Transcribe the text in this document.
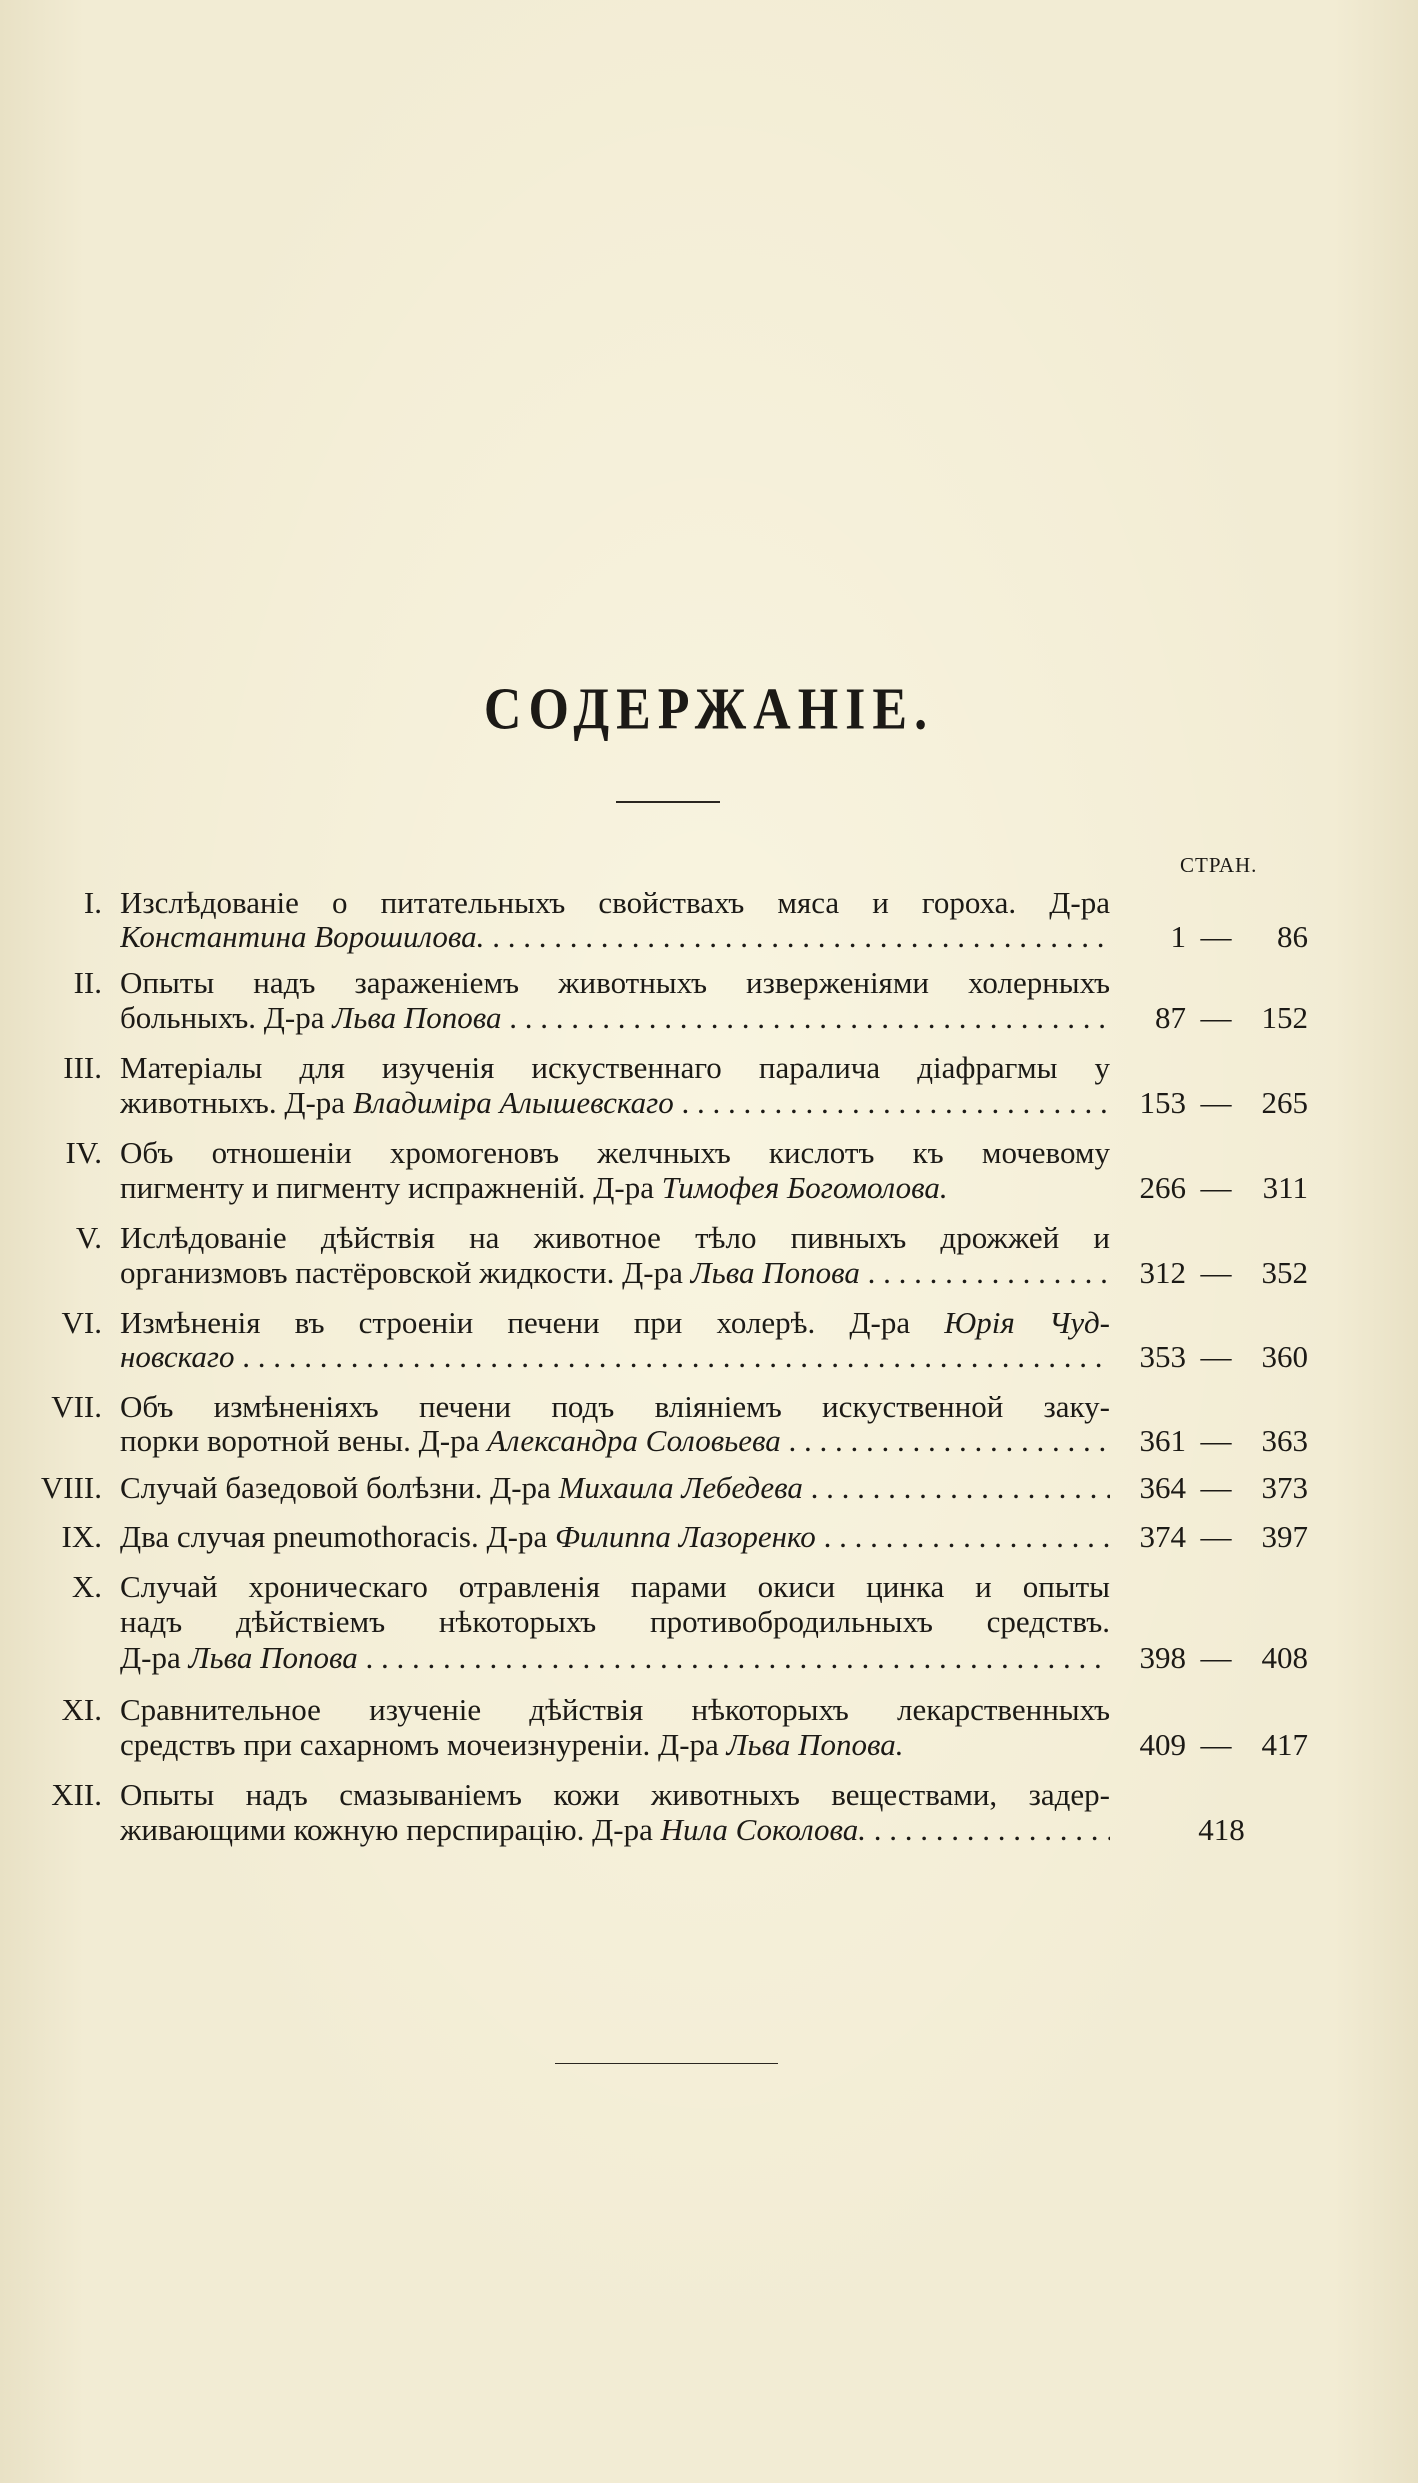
СОДЕРЖАНІЕ.
СТРАН.
I. Изслѣдованіе о питательныхъ свойствахъ мяса и гороха. Д-ра
Константина Ворошилова. . . .	1 — 86
II. Опыты надъ зараженіемъ животныхъ изверженіями холерныхъ
больныхъ. Д-ра Льва Попова . . .	87 — 152
III. Матеріалы для изученія искуственнаго паралича діафрагмы у
животныхъ. Д-ра Владиміра Алышевскаго . . .	153 — 265
IV. Объ отношеніи хромогеновъ желчныхъ кислотъ къ мочевому
пигменту и пигменту испражненій. Д-ра Тимофея Богомолова.	266 — 311
V. Ислѣдованіе дѣйствія на животное тѣло пивныхъ дрожжей и
организмовъ пастёровской жидкости. Д-ра Льва Попова . . .	312 — 352
VI. Измѣненія въ строеніи печени при холерѣ. Д-ра Юрія Чуд-
новскаго . . .	353 — 360
VII. Объ измѣненіяхъ печени подъ вліяніемъ искуственной заку-
порки воротной вены. Д-ра Александра Соловьева . . .	361 — 363
VIII. Случай базедовой болѣзни. Д-ра Михаила Лебедева . . .	364 — 373
IX. Два случая pneumothoracis. Д-ра Филиппа Лазоренко . . .	374 — 397
X. Случай хроническаго отравленія парами окиси цинка и опыты
надъ дѣйствіемъ нѣкоторыхъ противобродильныхъ средствъ.
Д-ра Льва Попова . . .	398 — 408
XI. Сравнительное изученіе дѣйствія нѣкоторыхъ лекарственныхъ
средствъ при сахарномъ мочеизнуреніи. Д-ра Льва Попова.	409 — 417
XII. Опыты надъ смазываніемъ кожи животныхъ веществами, задер-
живающими кожную перспирацію. Д-ра Нила Соколова. . . .	418
